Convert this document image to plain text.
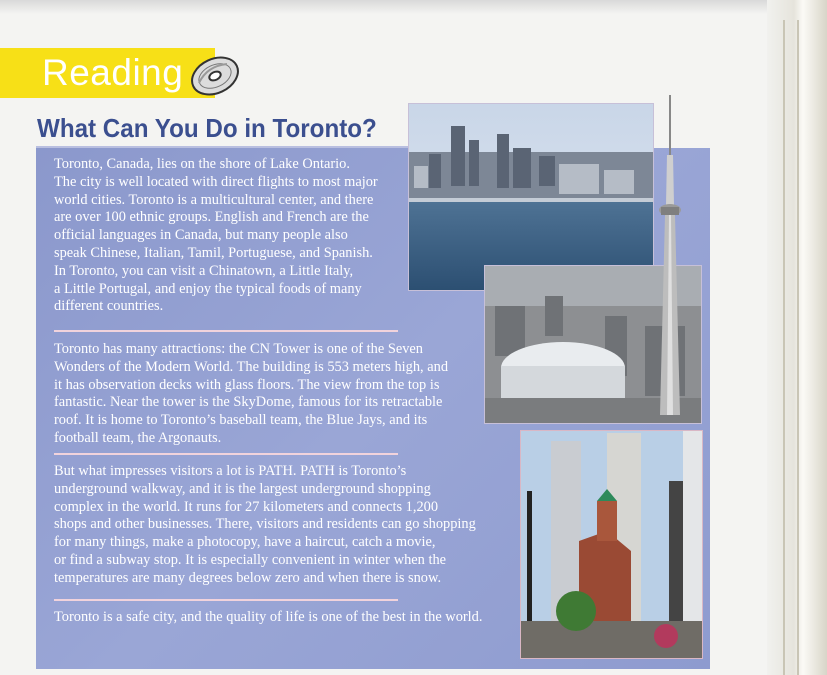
Reading
What Can You Do in Toronto?

Toronto, Canada, lies on the shore of Lake Ontario.
The city is well located with direct flights to most major
world cities. Toronto is a multicultural center, and there
are over 100 ethnic groups. English and French are the
official languages in Canada, but many people also
speak Chinese, Italian, Tamil, Portuguese, and Spanish.
In Toronto, you can visit a Chinatown, a Little Italy,
a Little Portugal, and enjoy the typical foods of many
different countries.

Toronto has many attractions: the CN Tower is one of the Seven
Wonders of the Modern World. The building is 553 meters high, and
it has observation decks with glass floors. The view from the top is
fantastic. Near the tower is the SkyDome, famous for its retractable
roof. It is home to Toronto’s baseball team, the Blue Jays, and its
football team, the Argonauts.

But what impresses visitors a lot is PATH. PATH is Toronto’s
underground walkway, and it is the largest underground shopping
complex in the world. It runs for 27 kilometers and connects 1,200
shops and other businesses. There, visitors and residents can go shopping
for many things, make a photocopy, have a haircut, catch a movie,
or find a subway stop. It is especially convenient in winter when the
temperatures are many degrees below zero and when there is snow.

Toronto is a safe city, and the quality of life is one of the best in the world.
